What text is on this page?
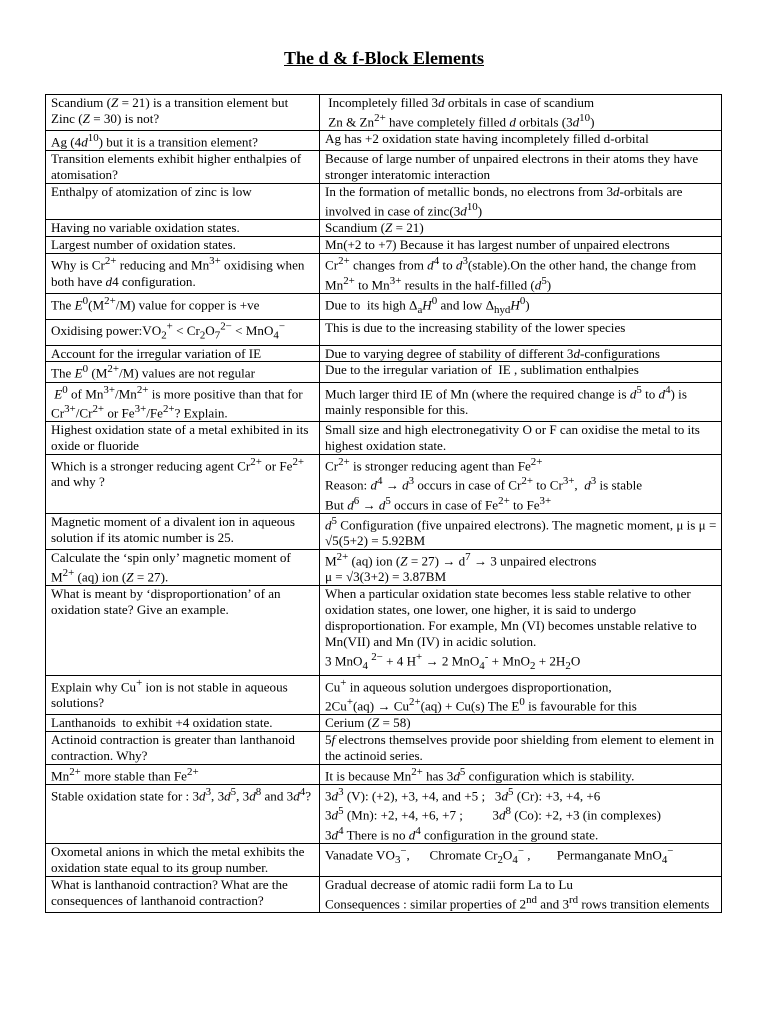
The d & f-Block Elements
Scandium (Z = 21) is a transition element but Zinc (Z = 30) is not?	Incompletely filled 3d orbitals in case of scandium
Zn & $Zn^{2+}$ have completely filled d orbitals $(3d^{10})$
Ag $(4d^{10})$ but it is a transition element?	Ag has +2 oxidation state having incompletely filled d-orbital
Transition elements exhibit higher enthalpies of atomisation?	Because of large number of unpaired electrons in their atoms they have stronger interatomic interaction
Enthalpy of atomization of zinc is low	In the formation of metallic bonds, no electrons from 3d-orbitals are involved in case of $zinc(3d^{10})$
Having no variable oxidation states.	Scandium (Z = 21)
Largest number of oxidation states.	Mn(+2 to +7) Because it has largest number of unpaired electrons
Why is $Cr^{2+}$ reducing and $Mn^{3+}$ oxidising when both have d4 configuration.	$Cr^{2+}$ changes from $d^4$ to $d^3(stable).On$ the other hand, the change from $Mn^{2+}$ to $Mn^{3+}$ results in the half-filled $(d^5)$
The $E^0(M^{2+}/M)$ value for copper is +ve	Due to  its high $\Delta_aH^0$ and low $\Delta_{hyd}H^0$)
Oxidising $power:VO_2^+ < Cr_2O_7^{2-} < MnO_4^-$	This is due to the increasing stability of the lower species
Account for the irregular variation of IE	Due to varying degree of stability of different 3d-configurations
The $E^0$ $(M^{2+}/M)$ values are not regular	Due to the irregular variation of  IE , sublimation enthalpies
$E^0$ of $Mn^{3+}/Mn^{2+}$ is more positive than that for $Cr^{3+}/Cr^{2+}$ or $Fe^{3+}/Fe^{2+}$? Explain.	Much larger third IE of Mn (where the required change is $d^5$ to $d^4$) is mainly responsible for this.
Highest oxidation state of a metal exhibited in its oxide or fluoride	Small size and high electronegativity O or F can oxidise the metal to its highest oxidation state.
Which is a stronger reducing agent $Cr^{2+}$ or $Fe^{2+}$ and why ?	$Cr^{2+}$ is stronger reducing agent than $Fe^{2+}$
Reason: $d^4 \to d^3$ occurs in case of $Cr^{2+}$ to $Cr^{3+}$,  $d^3$ is stable
But $d^6 \to d^5$ occurs in case of $Fe^{2+}$ to $Fe^{3+}$
Magnetic moment of a divalent ion in aqueous solution if its atomic number is 25.	$d^5$ Configuration (five unpaired electrons). The magnetic moment, μ is μ = √5(5+2) = 5.92BM
Calculate the ‘spin only’ magnetic moment of $M^{2+}$ (aq) ion (Z = 27).	$M^{2+}$ (aq) ion $(Z = 27) \to d^7 \to 3$ unpaired electrons
μ = √3(3+2) = 3.87BM
What is meant by ‘disproportionation’ of an oxidation state? Give an example.	When a particular oxidation state becomes less stable relative to other oxidation states, one lower, one higher, it is said to undergo disproportionation. For example, Mn (VI) becomes unstable relative to Mn(VII) and Mn (IV) in acidic solution.
3 MnO$_4$ $^{2-}$ + 4 H+ → 2 $MnO_4^- + MnO_2 + 2H_2O$
Explain why Cu+ ion is not stable in aqueous solutions?	Cu+ in aqueous solution undergoes disproportionation,
$2Cu^+(aq) \to Cu^{2+}(aq) + Cu(s)$ The $E^0$ is favourable for this
Lanthanoids  to exhibit +4 oxidation state.	Cerium (Z = 58)
Actinoid contraction is greater than lanthanoid contraction. Why?	5f electrons themselves provide poor shielding from element to element in the actinoid series.
$Mn^{2+}$ more stable than $Fe^{2+}$	It is because $Mn^{2+}$ has $3d^5$ configuration which is stability.
Stable oxidation state for : $3d^3$, $3d^5$, $3d^8$ and $3d^4$?	$3d^3$ (V): (+2), +3, +4, and +5 ;   $3d^5$ (Cr): +3, +4, +6
$3d^5$ (Mn): +2, +4, +6, +7 ;         $3d^8$ (Co): +2, +3 (in complexes)
$3d^4$ There is no $d^4$ configuration in the ground state.
Oxometal anions in which the metal exhibits the oxidation state equal to its group number.	Vanadate $VO_3^-$,      Chromate $Cr_2O_4^-$ ,        Permanganate MnO$_4$−
What is lanthanoid contraction? What are the consequences of lanthanoid contraction?	Gradual decrease of atomic radii form La to Lu
Consequences : similar properties of 2nd and 3rd rows transition elements
